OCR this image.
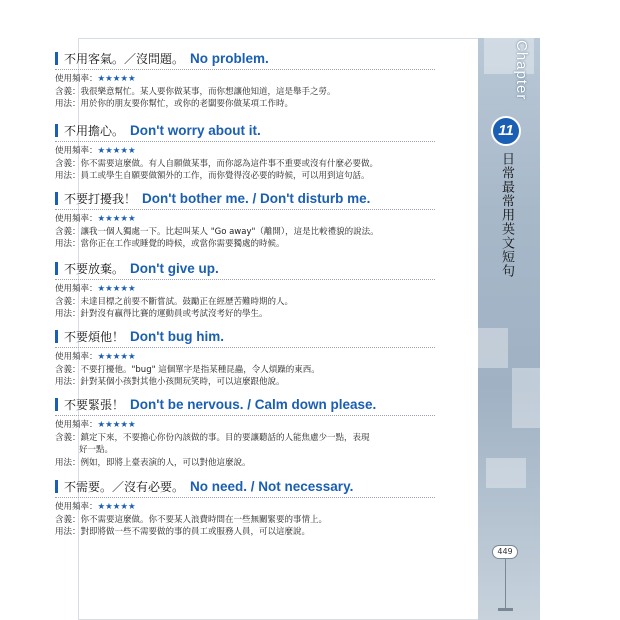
Chapter
11
日常最常用英文短句
449
不用客氣。／沒問題。 No problem.
使用頻率：★★★★★
含義：我很樂意幫忙。某人要你做某事，而你想讓他知道，這是舉手之勞。
用法：用於你的朋友要你幫忙，或你的老闆要你做某項工作時。
不用擔心。 Don't worry about it.
使用頻率：★★★★★
含義：你不需要這麼做。有人自願做某事，而你認為這件事不重要或沒有什麼必要做。
用法：員工或學生自願要做額外的工作，而你覺得沒必要的時候，可以用到這句話。
不要打擾我！ Don't bother me. / Don't disturb me.
使用頻率：★★★★★
含義：讓我一個人獨處一下。比起叫某人 "Go away"（離開），這是比較禮貌的說法。
用法：當你正在工作或睡覺的時候，或當你需要獨處的時候。
不要放棄。 Don't give up.
使用頻率：★★★★★
含義：未達目標之前要不斷嘗試。鼓勵正在經歷苦難時期的人。
用法：針對沒有贏得比賽的運動員或考試沒考好的學生。
不要煩他！ Don't bug him.
使用頻率：★★★★★
含義：不要打擾他。"bug" 這個單字是指某種昆蟲，令人煩躁的東西。
用法：針對某個小孩對其他小孩開玩笑時，可以這麼跟他說。
不要緊張！ Don't be nervous. / Calm down please.
使用頻率：★★★★★
含義：鎮定下來，不要擔心你份內該做的事。目的要讓聽話的人能焦慮少一點，表現
好一點。
用法：例如，即將上臺表演的人，可以對他這麼說。
不需要。／沒有必要。 No need. / Not necessary.
使用頻率：★★★★★
含義：你不需要這麼做。你不要某人浪費時間在一些無關緊要的事情上。
用法：對即將做一些不需要做的事的員工或服務人員，可以這麼說。
